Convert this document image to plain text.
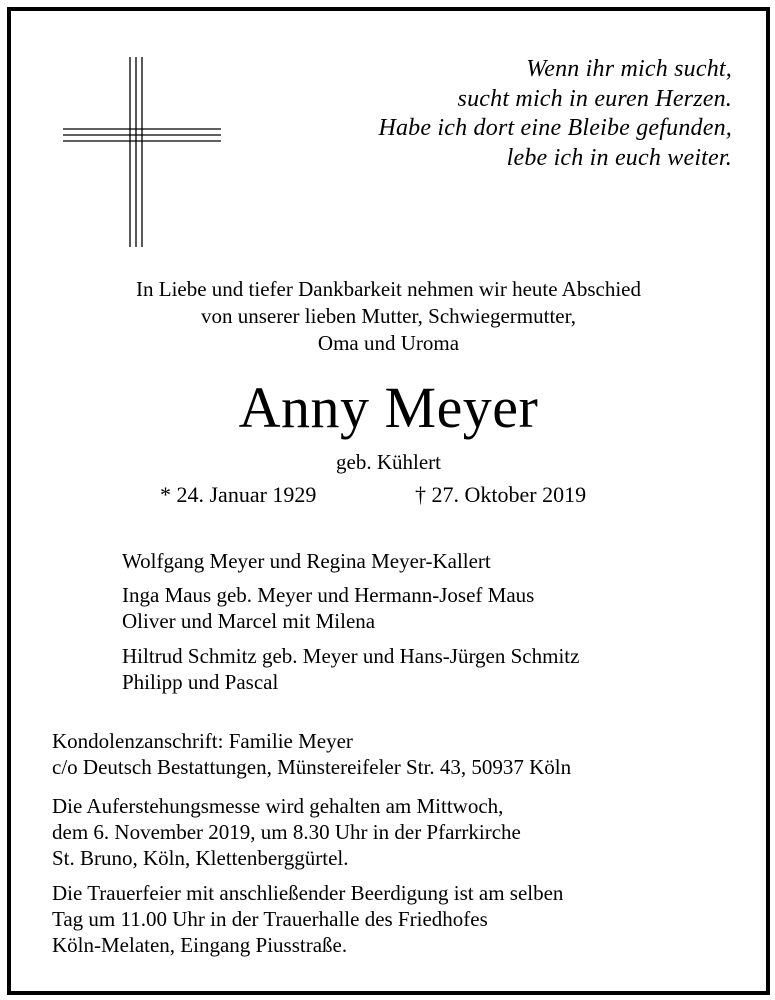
Wenn ihr mich sucht,
sucht mich in euren Herzen.
Habe ich dort eine Bleibe gefunden,
lebe ich in euch weiter.
In Liebe und tiefer Dankbarkeit nehmen wir heute Abschied
von unserer lieben Mutter, Schwiegermutter,
Oma und Uroma
Anny Meyer
geb. Kühlert
* 24. Januar 1929	† 27. Oktober 2019
Wolfgang Meyer und Regina Meyer-Kallert
Inga Maus geb. Meyer und Hermann-Josef Maus
Oliver und Marcel mit Milena
Hiltrud Schmitz geb. Meyer und Hans-Jürgen Schmitz
Philipp und Pascal
Kondolenzanschrift: Familie Meyer
c/o Deutsch Bestattungen, Münstereifeler Str. 43, 50937 Köln
Die Auferstehungsmesse wird gehalten am Mittwoch,
dem 6. November 2019, um 8.30 Uhr in der Pfarrkirche
St. Bruno, Köln, Klettenberggürtel.
Die Trauerfeier mit anschließender Beerdigung ist am selben
Tag um 11.00 Uhr in der Trauerhalle des Friedhofes
Köln-Melaten, Eingang Piusstraße.
